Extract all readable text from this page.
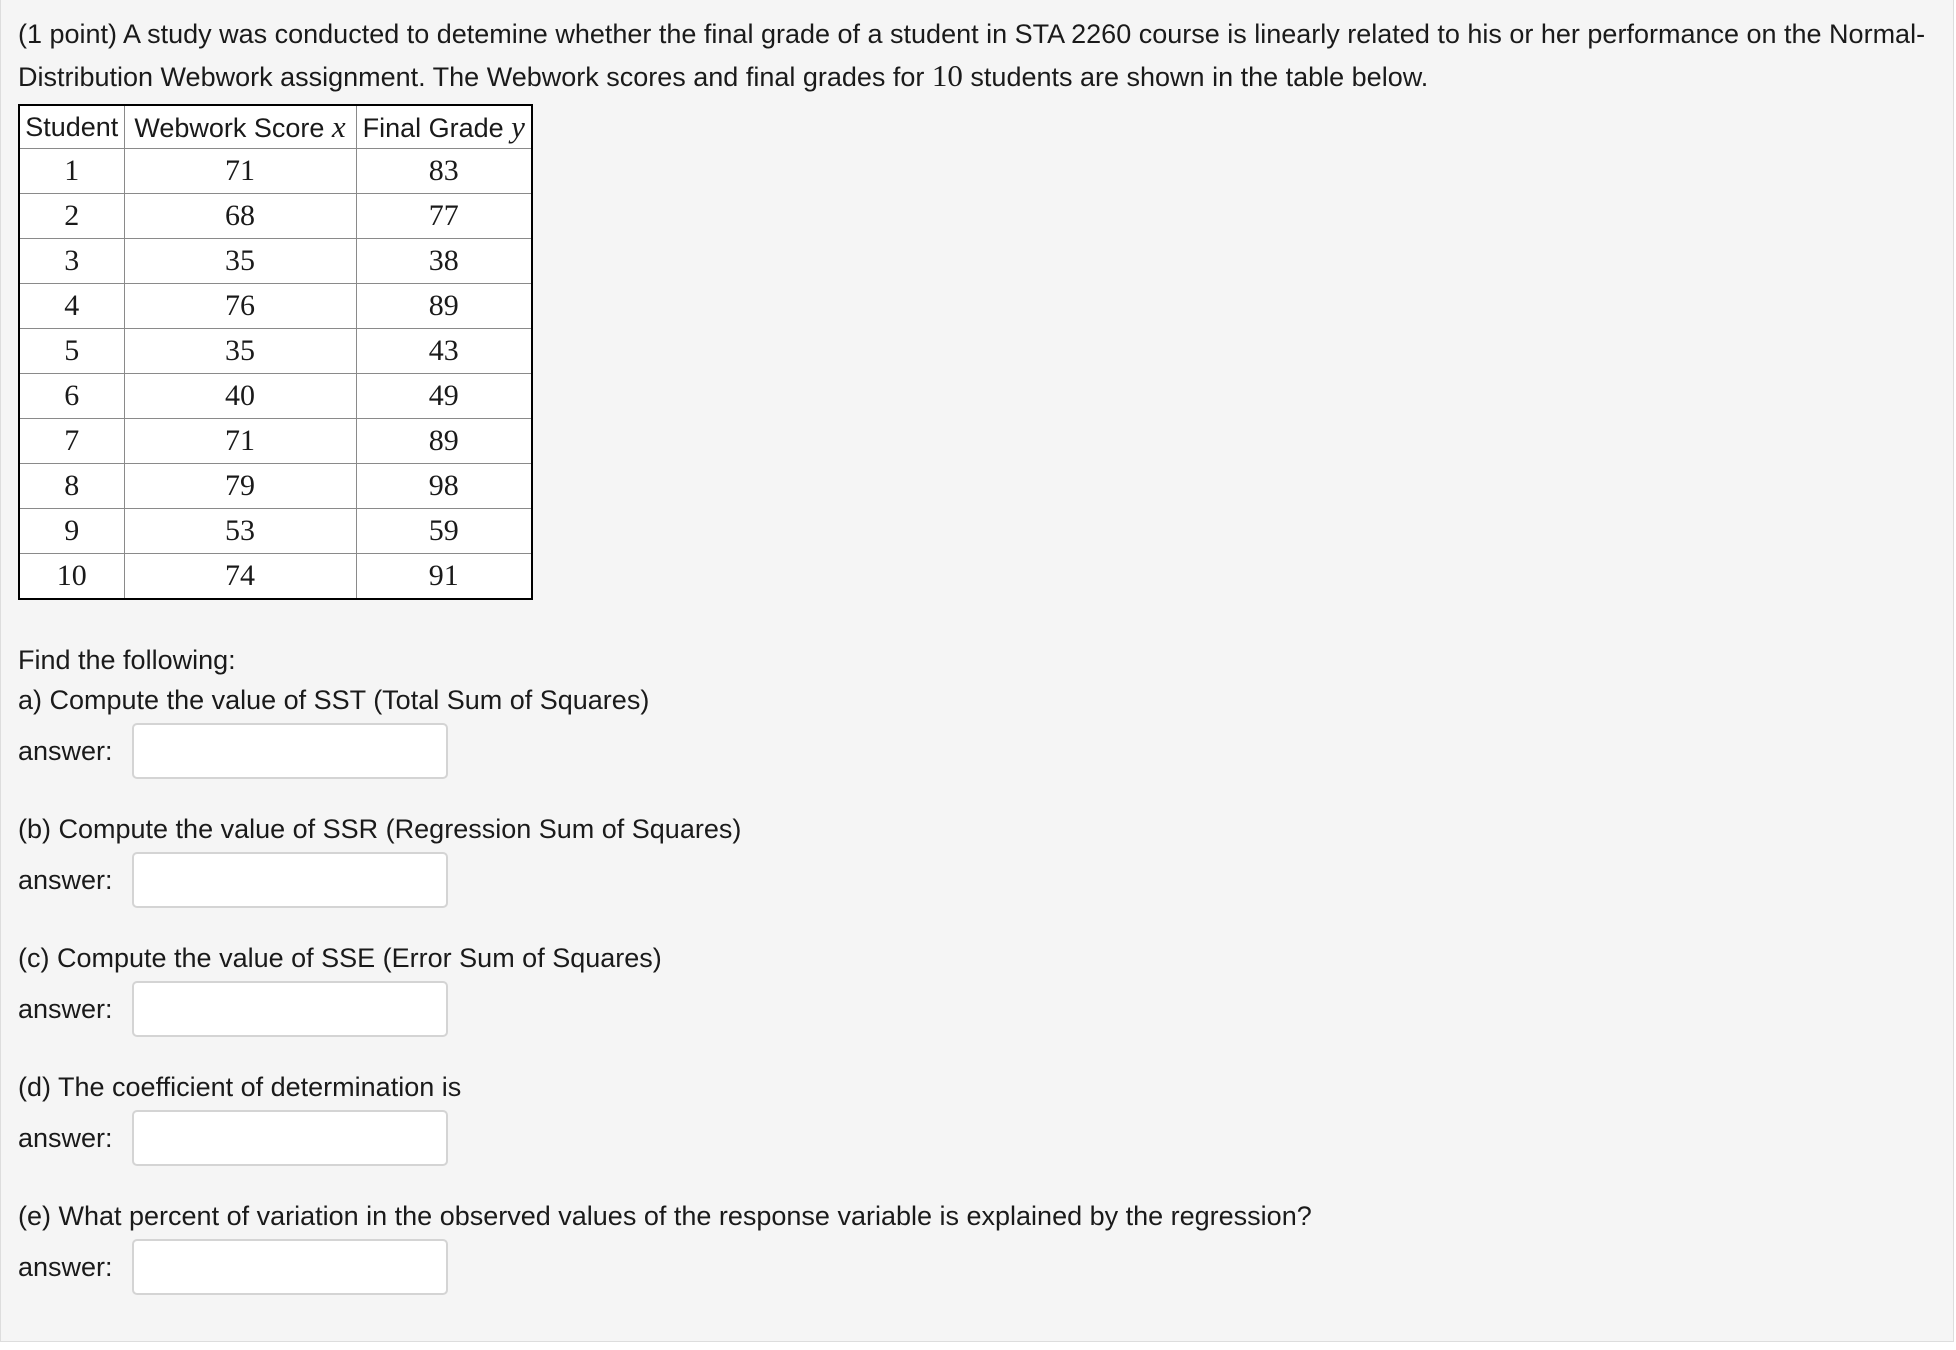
(1 point) A study was conducted to detemine whether the final grade of a student in STA 2260 course is linearly related to his or her performance on the Normal-Distribution Webwork assignment. The Webwork scores and final grades for 10 students are shown in the table below.

Student	Webwork Score x	Final Grade y
1	71	83
2	68	77
3	35	38
4	76	89
5	35	43
6	40	49
7	71	89
8	79	98
9	53	59
10	74	91
Find the following:
a) Compute the value of SST (Total Sum of Squares)
answer:
(b) Compute the value of SSR (Regression Sum of Squares)
answer:
(c) Compute the value of SSE (Error Sum of Squares)
answer:
(d) The coefficient of determination is
answer:
(e) What percent of variation in the observed values of the response variable is explained by the regression?
answer:
